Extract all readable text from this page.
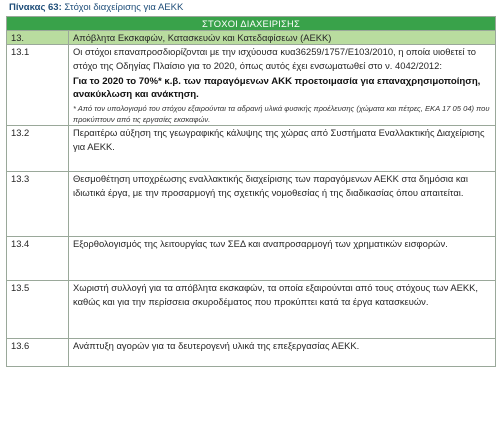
Πίνακας 63: Στόχοι διαχείρισης για ΑΕΚΚ
ΣΤΟΧΟΙ ΔΙΑΧΕΙΡΙΣΗΣ	
13.	Απόβλητα Εκσκαφών, Κατασκευών και Κατεδαφίσεων (ΑΕΚΚ)
13.1	Οι στόχοι επαναπροσδιορίζονται με την ισχύουσα κυα36259/1757/Ε103/2010, η οποία υιοθετεί το στόχο της Οδηγίας Πλαίσιο για το 2020, όπως αυτός έχει ενσωματωθεί στο ν. 4042/2012:
Για το 2020 το 70%* κ.β. των παραγόμενων ΑΚΚ προετοιμασία για επαναχρησιμοποίηση, ανακύκλωση και ανάκτηση.
* Από τον υπολογισμό του στόχου εξαιρούνται τα αδρανή υλικά φυσικής προέλευσης (χώματα και πέτρες, ΕΚΑ 17 05 04) που προκύπτουν από τις εργασίες εκσκαφών.

13.2	Περαιτέρω αύξηση της γεωγραφικής κάλυψης της χώρας από Συστήματα Εναλλακτικής Διαχείρισης για ΑΕΚΚ.
13.3	Θεσμοθέτηση υποχρέωσης εναλλακτικής διαχείρισης των παραγόμενων ΑΕΚΚ στα δημόσια και ιδιωτικά έργα, με την προσαρμογή της σχετικής νομοθεσίας ή της διαδικασίας όπου απαιτείται.
13.4	Εξορθολογισμός της λειτουργίας των ΣΕΔ και αναπροσαρμογή των χρηματικών εισφορών.
13.5	Χωριστή συλλογή για τα απόβλητα εκσκαφών, τα οποία εξαιρούνται από τους στόχους των ΑΕΚΚ, καθώς και για την περίσσεια σκυροδέματος που προκύπτει κατά τα έργα κατασκευών.
13.6	Ανάπτυξη αγορών για τα δευτερογενή υλικά της επεξεργασίας ΑΕΚΚ.
